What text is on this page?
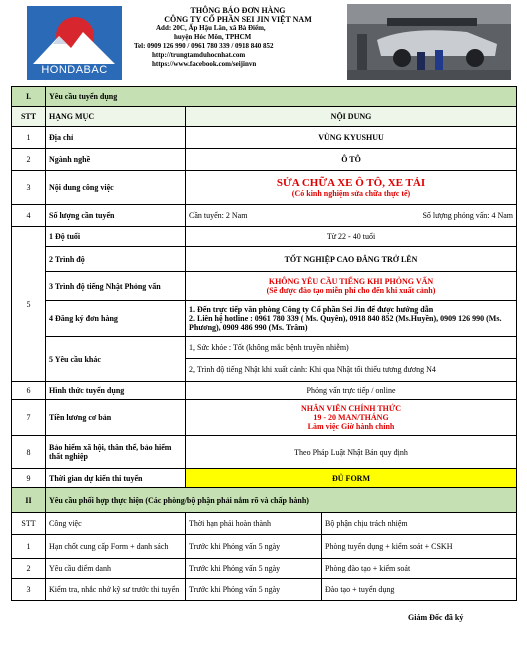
HONDABAC
THÔNG BÁO ĐƠN HÀNG
CÔNG TY CỔ PHẦN SEI JIN VIỆT NAM
Add: 20C, Ấp Hậu Lân, xã Bà Điểm,
huyện Hóc Môn, TPHCM
Tel: 0909 126 990 / 0961 780 339 / 0918 840 852
http://trungtamduhocnhat.com
https://www.facebook.com/seijinvn
I.	Yêu cầu tuyển dụng	
STT	HẠNG MỤC	NỘI DUNG
1	Địa chỉ	VÙNG KYUSHUU
2	Ngành nghề	Ô TÔ
3	Nội dung công việc	SỬA CHỮA XE Ô TÔ, XE TẢI
(Có kinh nghiệm sửa chữa thực tế)

4	Số lượng cần tuyển	Cần tuyển: 2 Nam Số lượng phỏng vấn: 4 Nam

5	1 Độ tuổi	Từ 22 - 40 tuổi
	2 Trình độ	TỐT NGHIỆP CAO ĐẲNG TRỞ LÊN
	3 Trình độ tiếng Nhật Phỏng vấn	KHÔNG YÊU CẦU TIẾNG KHI PHỎNG VẤN
(Sẽ được đào tạo miễn phí cho đến khi xuất cảnh)

	4 Đăng ký đơn hàng	1. Đến trực tiếp văn phòng Công ty Cổ phần Sei Jin để được hướng dẫn
2. Liên hệ hotline : 0961 780 339 ( Ms. Quyên), 0918 840 852 (Ms.Huyền), 0909 126 990 (Ms. Phương), 0909 486 990 (Ms. Trâm)

	5 Yêu cầu khác	1, Sức khỏe : Tốt (không mắc bệnh truyền nhiễm)
2, Trình độ tiếng Nhật khi xuất cảnh: Khi qua Nhật tối thiểu tương đương N4

6	Hình thức tuyển dụng	Phỏng vấn trực tiếp / online
7	Tiền lương cơ bản	NHÂN VIÊN CHÍNH THỨC
19 - 20 MAN/THÁNG
Làm việc Giờ hành chính

8	Bảo hiểm xã hội, thân thể, bảo hiểm thất nghiệp	Theo Pháp Luật Nhật Bản quy định
9	Thời gian dự kiến thi tuyển	ĐỦ FORM
II	Yêu cầu phối hợp thực hiện (Các phòng/bộ phận phải nắm rõ và chấp hành)		
STT	Công việc	Thời hạn phải hoàn thành	Bộ phận chịu trách nhiệm
1	Hạn chốt cung cấp Form + danh sách	Trước khi Phỏng vấn 5 ngày	Phòng tuyển dụng + kiểm soát + CSKH
2	Yêu cầu điểm danh	Trước khi Phỏng vấn 5 ngày	Phòng đào tạo + kiểm soát
3	Kiểm tra, nhắc nhở kỹ sư trước thi tuyển	Trước khi Phỏng vấn 5 ngày	Đào tạo + tuyển dụng
Giám Đốc đã ký
